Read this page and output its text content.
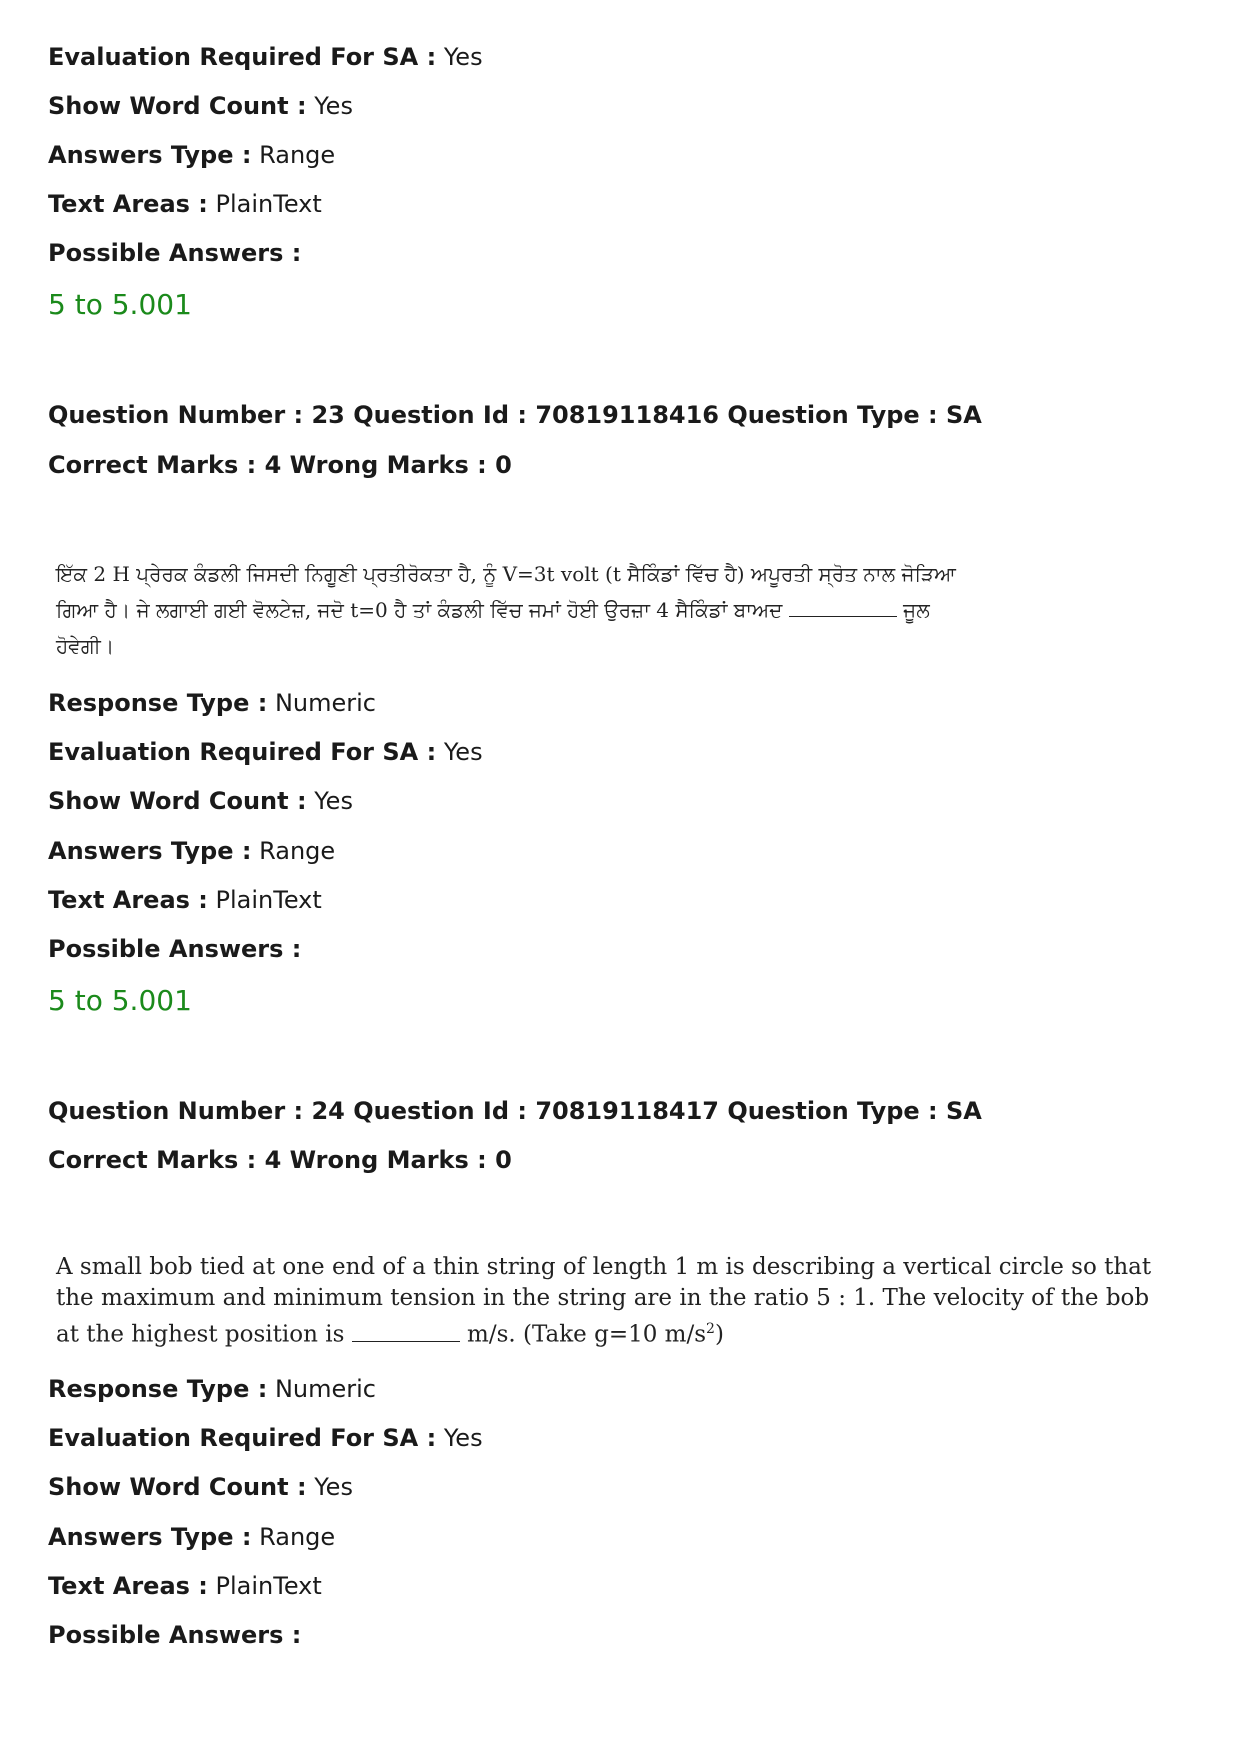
Evaluation Required For SA : Yes
Show Word Count : Yes
Answers Type : Range
Text Areas : PlainText
Possible Answers :
5 to 5.001
Question Number : 23 Question Id : 70819118416 Question Type : SA
Correct Marks : 4 Wrong Marks : 0
ਇੱਕ 2 H ਪ੍ਰੇਰਕ ਕੰਡਲੀ ਜਿਸਦੀ ਨਿਗੂਣੀ ਪ੍ਰਤੀਰੋਕਤਾ ਹੈ, ਨੂੰ V=3t volt (t ਸੈਕਿੰਡਾਂ ਵਿੱਚ ਹੈ) ਅਪੂਰਤੀ ਸ੍ਰੋਤ ਨਾਲ ਜੋੜਿਆ
ਗਿਆ ਹੈ। ਜੇ ਲਗਾਈ ਗਈ ਵੋਲਟੇਜ਼, ਜਦੋ t=0 ਹੈ ਤਾਂ ਕੰਡਲੀ ਵਿੱਚ ਜਮਾਂ ਹੋਈ ਉਰਜ਼ਾ 4 ਸੈਕਿੰਡਾਂ ਬਾਅਦ	ਜੂਲ
ਹੋਵੇਗੀ।
Response Type : Numeric
Evaluation Required For SA : Yes
Show Word Count : Yes
Answers Type : Range
Text Areas : PlainText
Possible Answers :
5 to 5.001
Question Number : 24 Question Id : 70819118417 Question Type : SA
Correct Marks : 4 Wrong Marks : 0
A small bob tied at one end of a thin string of length 1 m is describing a vertical circle so that
the maximum and minimum tension in the string are in the ratio 5 : 1. The velocity of the bob
at the highest position is	m/s. (Take g=10 $m/s^2$)
Response Type : Numeric
Evaluation Required For SA : Yes
Show Word Count : Yes
Answers Type : Range
Text Areas : PlainText
Possible Answers :
